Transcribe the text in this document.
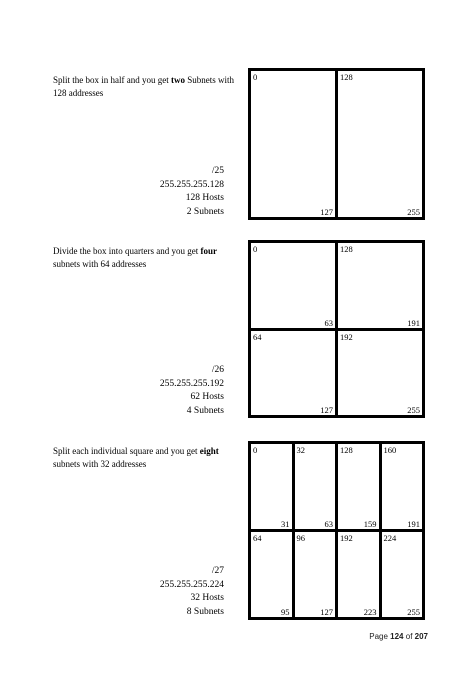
Split the box in half and you get two Subnets with 128 addresses
/25
255.255.255.128
128 Hosts
2 Subnets
0
127
128
255
Divide the box into quarters and you get four subnets with 64 addresses
/26
255.255.255.192
62 Hosts
4 Subnets
0
63
128
191
64
127
192
255
Split each individual square and you get eight subnets with 32 addresses
/27
255.255.255.224
32 Hosts
8 Subnets
0
31
32
63
128
159
160
191
64
95
96
127
192
223
224
255
Page 124 of 207
